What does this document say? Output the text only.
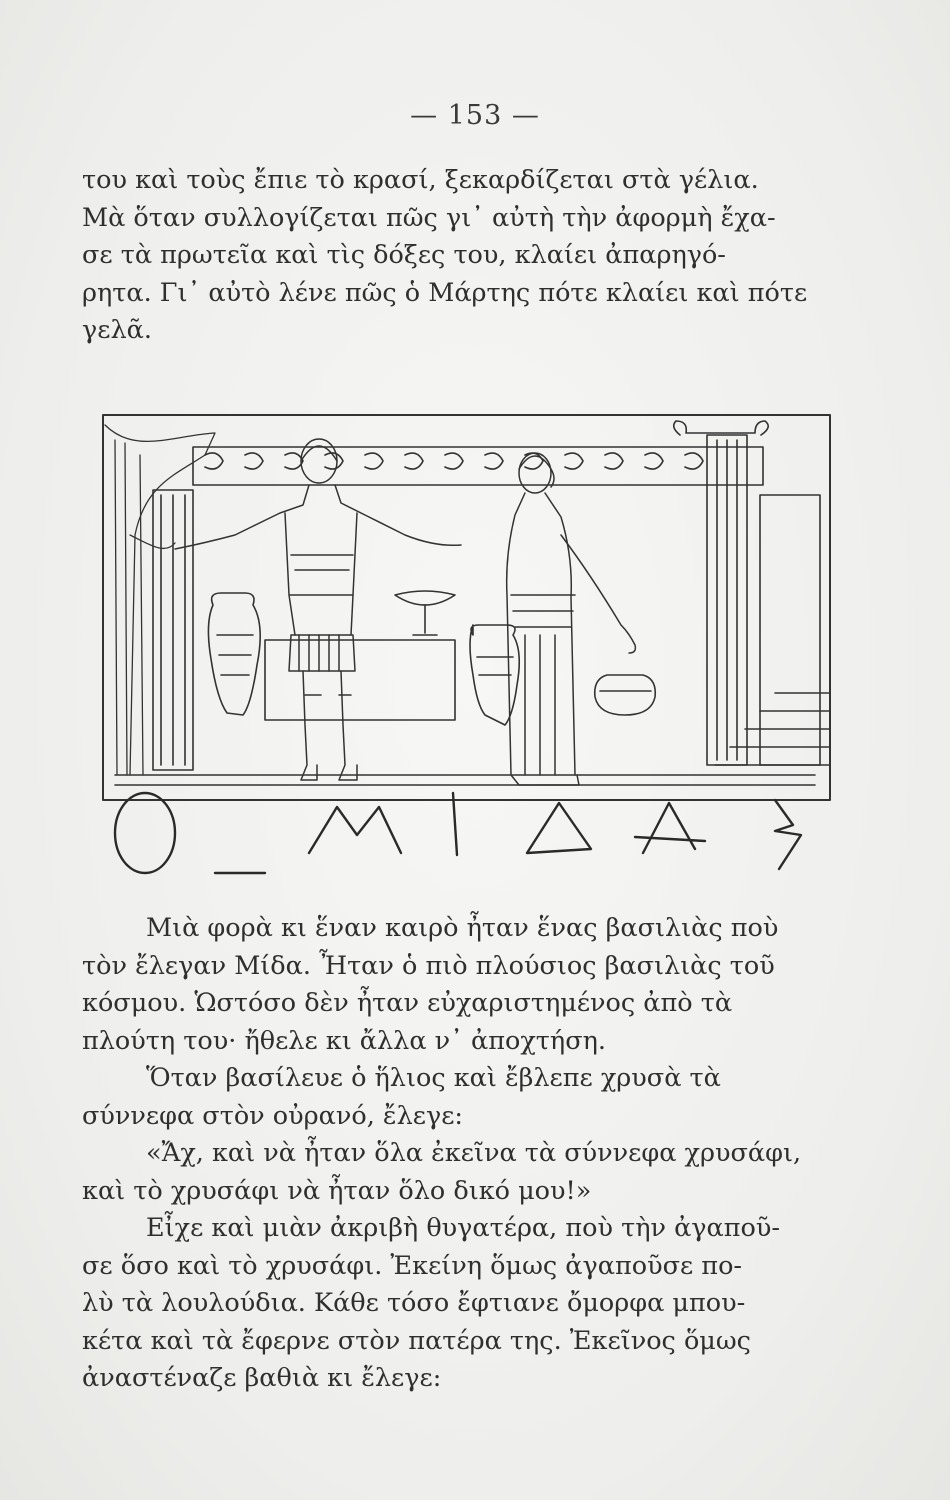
— 153 —

του καὶ τοὺς ἔπιε τὸ κρασί, ξεκαρδίζεται στὰ γέλια.

Μὰ ὅταν συλλογίζεται πῶς γι᾽ αὐτὴ τὴν ἀφορμὴ ἔχα-

σε τὰ πρωτεῖα καὶ τὶς δόξες του, κλαίει ἀπαρηγό-

ρητα. Γι᾽ αὐτὸ λένε πῶς ὁ Μάρτης πότε κλαίει καὶ πότε

γελᾶ.

Μιὰ φορὰ κι ἕναν καιρὸ ἦταν ἕνας βασιλιὰς ποὺ

τὸν ἔλεγαν Μίδα. Ἦταν ὁ πιὸ πλούσιος βασιλιὰς τοῦ

κόσμου. Ὡστόσο δὲν ἦταν εὐχαριστημένος ἀπὸ τὰ

πλούτη του· ἤθελε κι ἄλλα ν᾽ ἀποχτήση.

Ὅταν βασίλευε ὁ ἥλιος καὶ ἔβλεπε χρυσὰ τὰ

σύννεφα στὸν οὐρανό, ἔλεγε:

«Ἄχ, καὶ νὰ ἦταν ὅλα ἐκεῖνα τὰ σύννεφα χρυσάφι,

καὶ τὸ χρυσάφι νὰ ἦταν ὅλο δικό μου!»

Εἶχε καὶ μιὰν ἀκριβὴ θυγατέρα, ποὺ τὴν ἀγαποῦ-

σε ὅσο καὶ τὸ χρυσάφι. Ἐκείνη ὅμως ἀγαποῦσε πο-

λὺ τὰ λουλούδια. Κάθε τόσο ἔφτιανε ὄμορφα μπου-

κέτα καὶ τὰ ἔφερνε στὸν πατέρα της. Ἐκεῖνος ὅμως

ἀναστέναζε βαθιὰ κι ἔλεγε:
